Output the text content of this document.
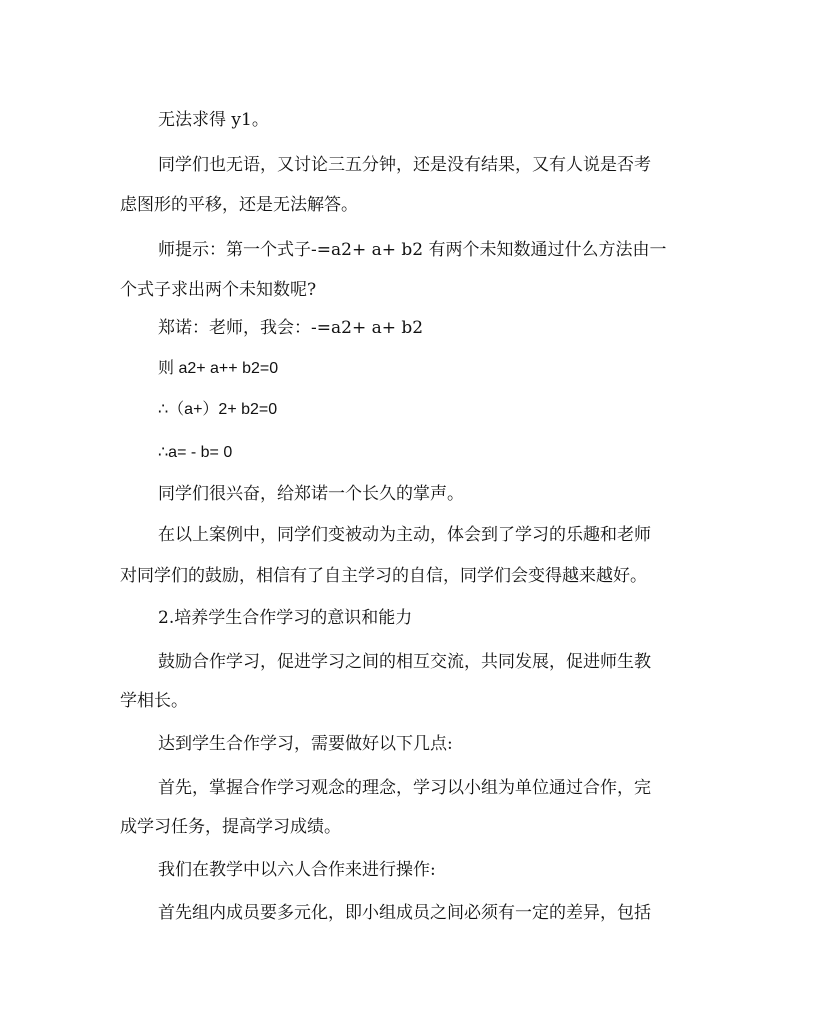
无法求得 y1。
同学们也无语，又讨论三五分钟，还是没有结果，又有人说是否考
虑图形的平移，还是无法解答。
师提示：第一个式子-=a2+ a+ b2 有两个未知数通过什么方法由一
个式子求出两个未知数呢?
郑诺：老师，我会：-=a2+ a+ b2
则 a2+ a++ b2=0
∴（a+）2+ b2=0
∴a= - b= 0
同学们很兴奋，给郑诺一个长久的掌声。
在以上案例中，同学们变被动为主动，体会到了学习的乐趣和老师
对同学们的鼓励，相信有了自主学习的自信，同学们会变得越来越好。
2.培养学生合作学习的意识和能力
鼓励合作学习，促进学习之间的相互交流，共同发展，促进师生教
学相长。
达到学生合作学习，需要做好以下几点:
首先，掌握合作学习观念的理念，学习以小组为单位通过合作，完
成学习任务，提高学习成绩。
我们在教学中以六人合作来进行操作:
首先组内成员要多元化，即小组成员之间必须有一定的差异，包括
